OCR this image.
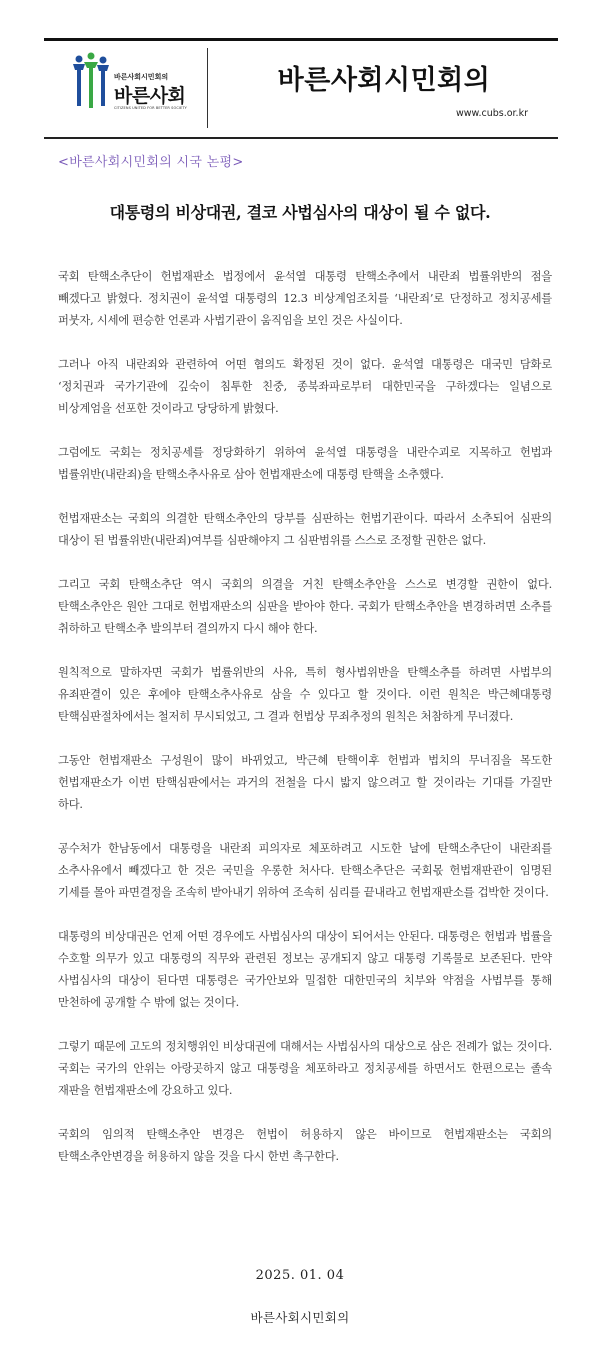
바른사회시민회의
바른사회
CITIZENS UNITED FOR BETTER SOCIETY
바른사회시민회의
www.cubs.or.kr
<바른사회시민회의 시국 논평>
대통령의 비상대권, 결코 사법심사의 대상이 될 수 없다.

국회 탄핵소추단이 헌법재판소 법정에서 윤석열 대통령 탄핵소추에서 내란죄 법률위반의 점을 빼겠다고 밝혔다. 정치권이 윤석열 대통령의 12.3 비상계엄조치를 ‘내란죄’로 단정하고 정치공세를 퍼붓자, 시세에 편승한 언론과 사법기관이 움직임을 보인 것은 사실이다.

그러나 아직 내란죄와 관련하여 어떤 혐의도 확정된 것이 없다. 윤석열 대통령은 대국민 담화로 ‘정치권과 국가기관에 깊숙이 침투한 친중, 종북좌파로부터 대한민국을 구하겠다는 일념으로 비상계엄을 선포한 것이라고 당당하게 밝혔다.

그럼에도 국회는 정치공세를 정당화하기 위하여 윤석열 대통령을 내란수괴로 지목하고 헌법과 법률위반(내란죄)을 탄핵소추사유로 삼아 헌법재판소에 대통령 탄핵을 소추했다.

헌법재판소는 국회의 의결한 탄핵소추안의 당부를 심판하는 헌법기관이다. 따라서 소추되어 심판의 대상이 된 법률위반(내란죄)여부를 심판해야지 그 심판범위를 스스로 조정할 권한은 없다.

그리고 국회 탄핵소추단 역시 국회의 의결을 거친 탄핵소추안을 스스로 변경할 권한이 없다. 탄핵소추안은 원안 그대로 헌법재판소의 심판을 받아야 한다. 국회가 탄핵소추안을 변경하려면 소추를 취하하고 탄핵소추 발의부터 결의까지 다시 해야 한다.

원칙적으로 말하자면 국회가 법률위반의 사유, 특히 형사법위반을 탄핵소추를 하려면 사법부의 유죄판결이 있은 후에야 탄핵소추사유로 삼을 수 있다고 할 것이다. 이런 원칙은 박근혜대통령 탄핵심판절차에서는 철저히 무시되었고, 그 결과 헌법상 무죄추정의 원칙은 처참하게 무너졌다.

그동안 헌법재판소 구성원이 많이 바뀌었고, 박근혜 탄핵이후 헌법과 법치의 무너짐을 목도한 헌법재판소가 이번 탄핵심판에서는 과거의 전철을 다시 밟지 않으려고 할 것이라는 기대를 가질만 하다.

공수처가 한남동에서 대통령을 내란죄 피의자로 체포하려고 시도한 날에 탄핵소추단이 내란죄를 소추사유에서 빼겠다고 한 것은 국민을 우롱한 처사다. 탄핵소추단은 국회몫 헌법재판관이 임명된 기세를 몰아 파면결정을 조속히 받아내기 위하여 조속히 심리를 끝내라고 헌법재판소를 겁박한 것이다.

대통령의 비상대권은 언제 어떤 경우에도 사법심사의 대상이 되어서는 안된다. 대통령은 헌법과 법률을 수호할 의무가 있고 대통령의 직무와 관련된 정보는 공개되지 않고 대통령 기록물로 보존된다. 만약 사법심사의 대상이 된다면 대통령은 국가안보와 밀접한 대한민국의 치부와 약점을 사법부를 통해 만천하에 공개할 수 밖에 없는 것이다.

그렇기 때문에 고도의 정치행위인 비상대권에 대해서는 사법심사의 대상으로 삼은 전례가 없는 것이다. 국회는 국가의 안위는 아랑곳하지 않고 대통령을 체포하라고 정치공세를 하면서도 한편으로는 졸속 재판을 헌법재판소에 강요하고 있다.

국회의 임의적 탄핵소추안 변경은 헌법이 허용하지 않은 바이므로 헌법재판소는 국회의 탄핵소추안변경을 허용하지 않을 것을 다시 한번 촉구한다.

2025. 01. 04
바른사회시민회의
